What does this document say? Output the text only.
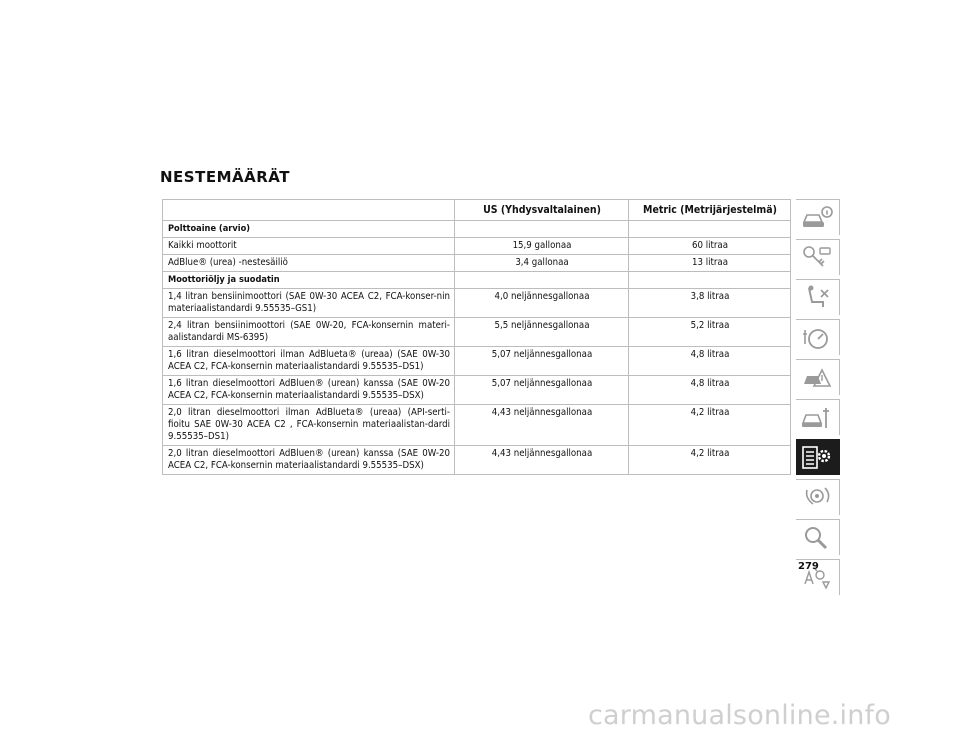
NESTEMÄÄRÄT
	US (Yhdysvaltalainen)	Metric (Metrijärjestelmä)
Polttoaine (arvio)		
Kaikki moottorit	15,9 gallonaa	60 litraa
AdBlue® (urea) -nestesäiliö	3,4 gallonaa	13 litraa
Moottoriöljy ja suodatin		
1,4 litran bensiinimoottori (SAE 0W-30 ACEA C2, FCA-konser-nin materiaalistandardi 9.55535–GS1)	4,0 neljännesgallonaa	3,8 litraa
2,4 litran bensiinimoottori (SAE 0W-20, FCA-konsernin materi-aalistandardi MS-6395)	5,5 neljännesgallonaa	5,2 litraa
1,6 litran dieselmoottori ilman AdBlueta® (ureaa) (SAE 0W-30 ACEA C2, FCA-konsernin materiaalistandardi 9.55535–DS1)	5,07 neljännesgallonaa	4,8 litraa
1,6 litran dieselmoottori AdBluen® (urean) kanssa (SAE 0W-20 ACEA C2, FCA-konsernin materiaalistandardi 9.55535–DSX)	5,07 neljännesgallonaa	4,8 litraa
2,0 litran dieselmoottori ilman AdBlueta® (ureaa) (API-serti-fioitu SAE 0W-30 ACEA C2 , FCA-konsernin materiaalistan-dardi 9.55535–DS1)	4,43 neljännesgallonaa	4,2 litraa
2,0 litran dieselmoottori AdBluen® (urean) kanssa (SAE 0W-20 ACEA C2, FCA-konsernin materiaalistandardi 9.55535–DSX)	4,43 neljännesgallonaa	4,2 litraa
279
carmanualsonline.info
